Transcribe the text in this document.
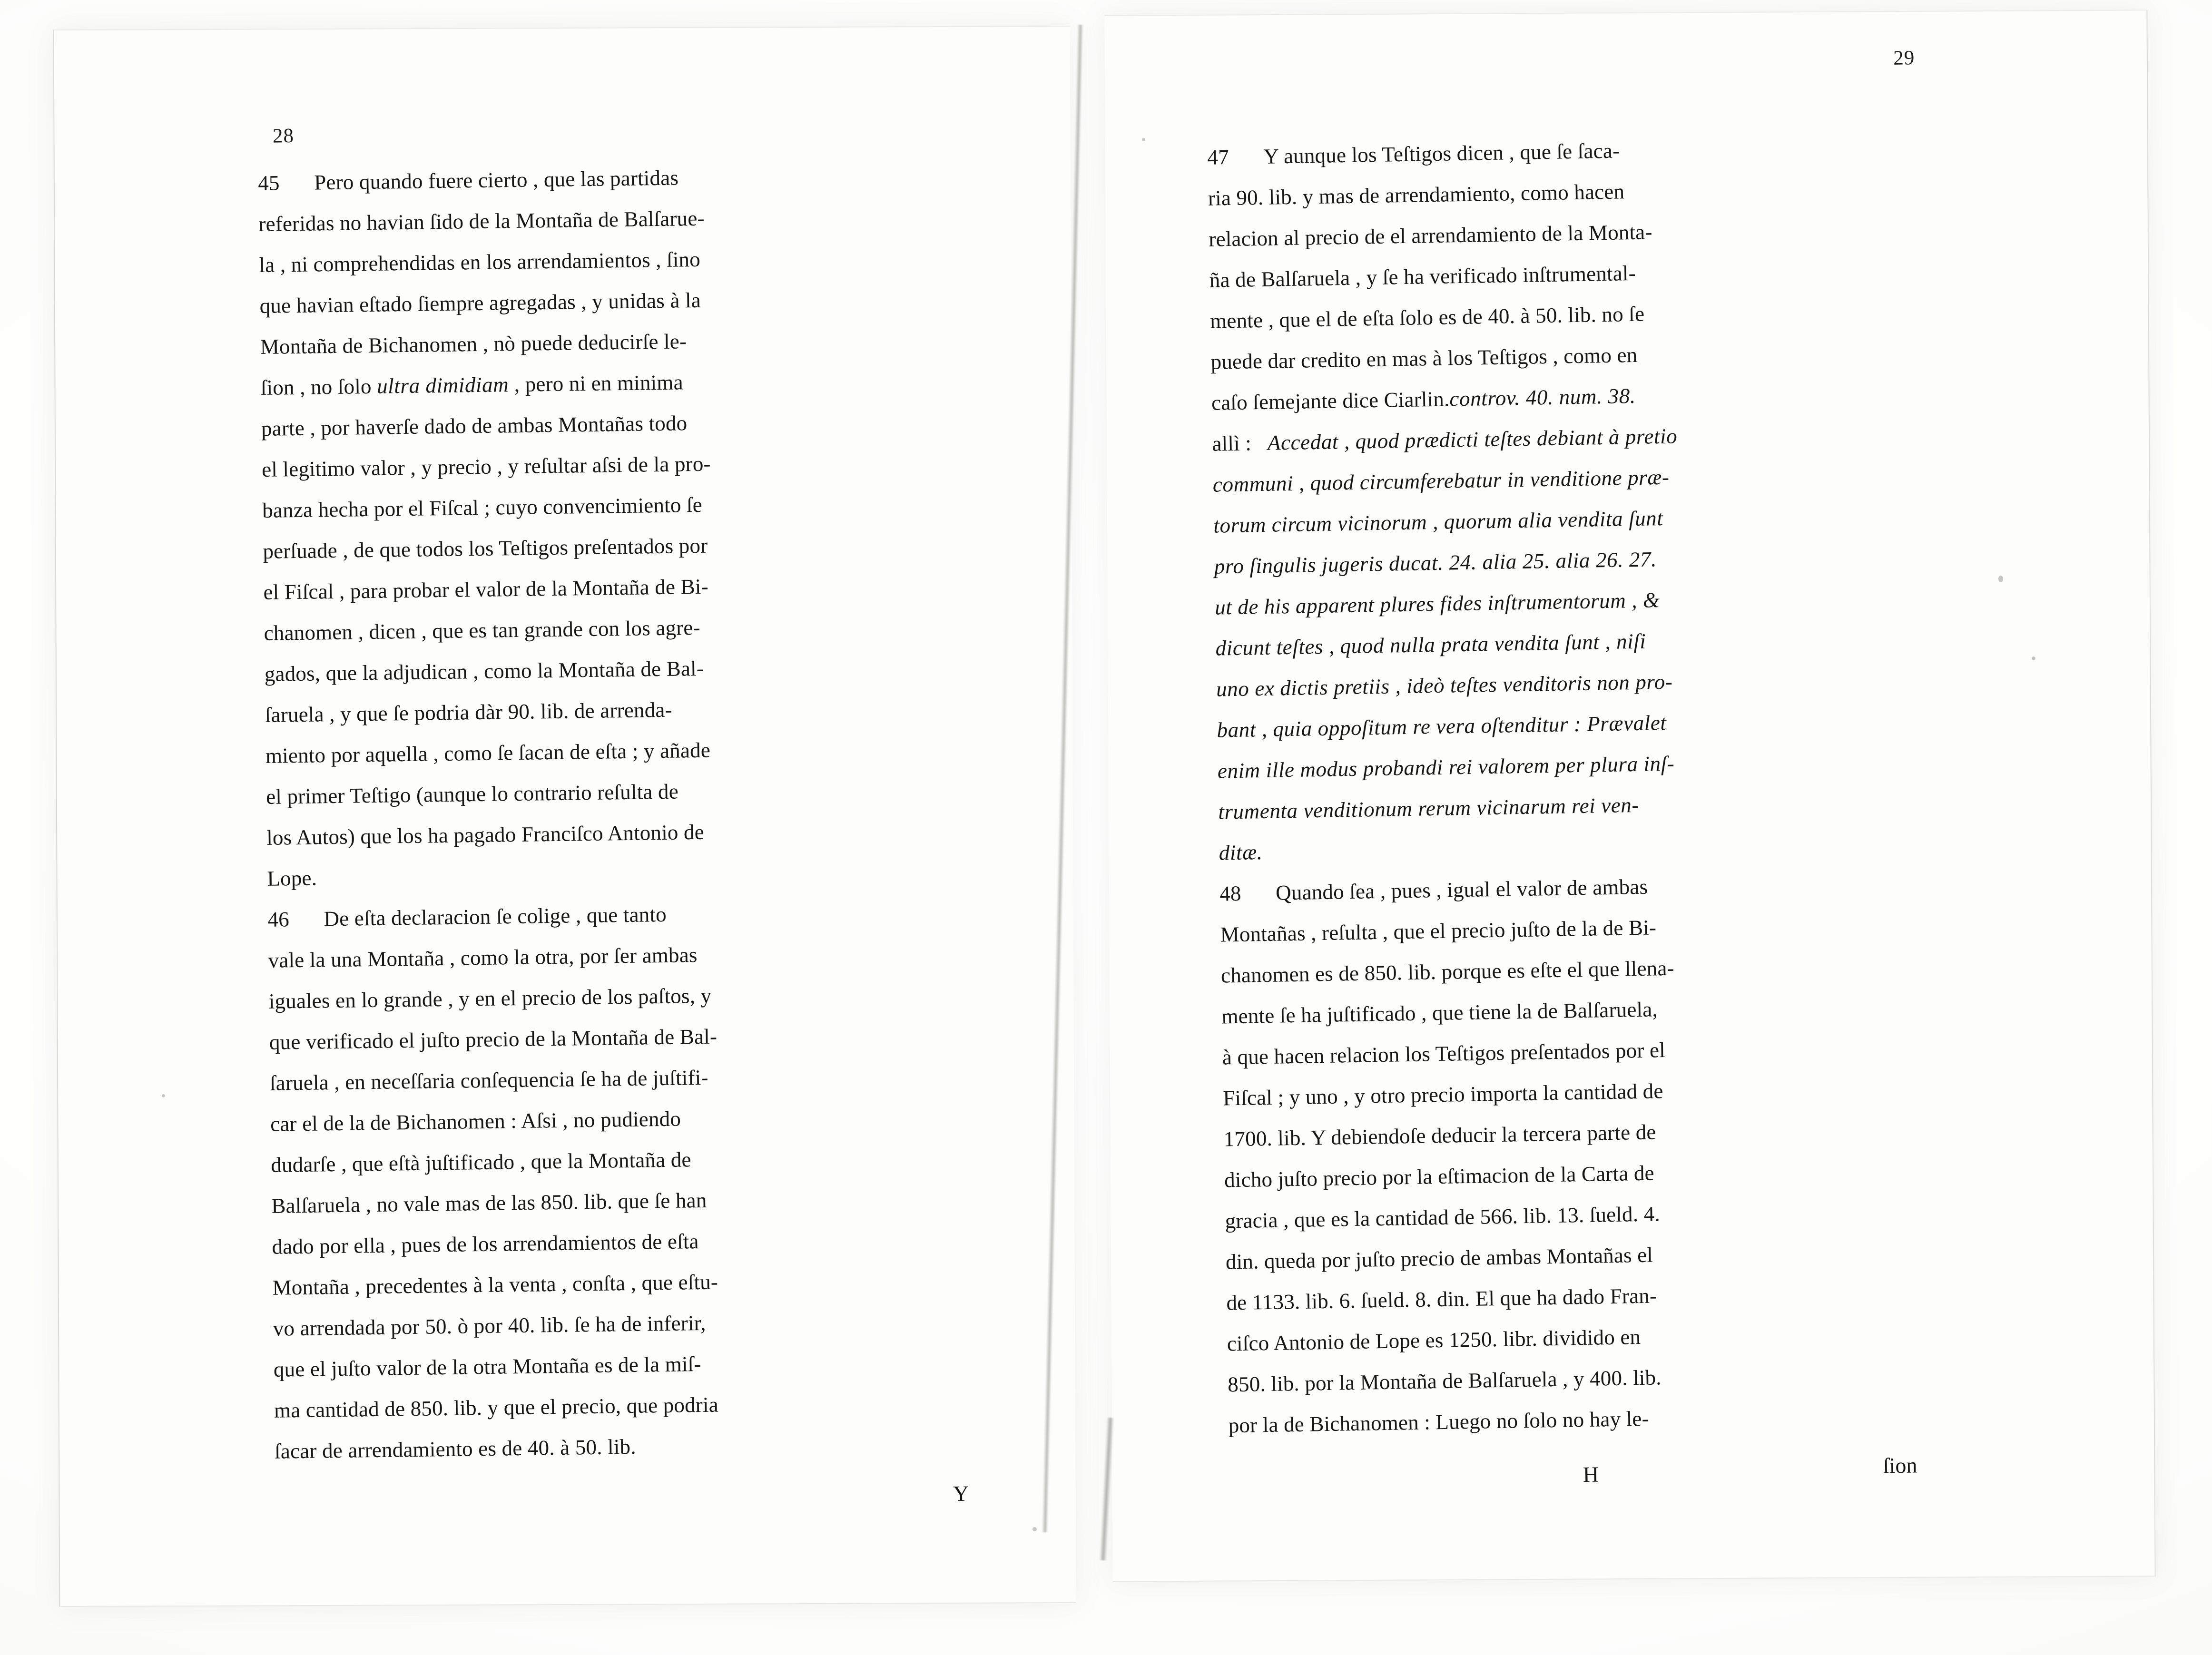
28
45 Pero quando fuere cierto , que las partidas
referidas no havian ſido de la Montaña de Balſarue-
la , ni comprehendidas en los arrendamientos , ſino
que havian eſtado ſiempre agregadas , y unidas à la
Montaña de Bichanomen , nò puede deducirſe le-
ſion , no ſolo ultra dimidiam , pero ni en minima
parte , por haverſe dado de ambas Montañas todo
el legitimo valor , y precio , y reſultar aſsi de la pro-
banza hecha por el Fiſcal ; cuyo convencimiento ſe
perſuade , de que todos los Teſtigos preſentados por
el Fiſcal , para probar el valor de la Montaña de Bi-
chanomen , dicen , que es tan grande con los agre-
gados, que la adjudican , como la Montaña de Bal-
ſaruela , y que ſe podria dàr 90. lib. de arrenda-
miento por aquella , como ſe ſacan de eſta ; y añade
el primer Teſtigo (aunque lo contrario reſulta de
los Autos) que los ha pagado Franciſco Antonio de
Lope.
46 De eſta declaracion ſe colige , que tanto
vale la una Montaña , como la otra, por ſer ambas
iguales en lo grande , y en el precio de los paſtos, y
que verificado el juſto precio de la Montaña de Bal-
ſaruela , en neceſſaria conſequencia ſe ha de juſtifi-
car el de la de Bichanomen : Aſsi , no pudiendo
dudarſe , que eſtà juſtificado , que la Montaña de
Balſaruela , no vale mas de las 850. lib. que ſe han
dado por ella , pues de los arrendamientos de eſta
Montaña , precedentes à la venta , conſta , que eſtu-
vo arrendada por 50. ò por 40. lib. ſe ha de inferir,
que el juſto valor de la otra Montaña es de la miſ-
ma cantidad de 850. lib. y que el precio, que podria
ſacar de arrendamiento es de 40. à 50. lib.
Y
29
47 Y aunque los Teſtigos dicen , que ſe ſaca-
ria 90. lib. y mas de arrendamiento, como hacen
relacion al precio de el arrendamiento de la Monta-
ña de Balſaruela , y ſe ha verificado inſtrumental-
mente , que el de eſta ſolo es de 40. à 50. lib. no ſe
puede dar credito en mas à los Teſtigos , como en
caſo ſemejante dice Ciarlin.controv. 40. num. 38.
allì : Accedat , quod prædicti teſtes debiant à pretio
communi , quod circumferebatur in venditione præ-
torum circum vicinorum , quorum alia vendita ſunt
pro ſingulis jugeris ducat. 24. alia 25. alia 26. 27.
ut de his apparent plures fides inſtrumentorum , &
dicunt teſtes , quod nulla prata vendita ſunt , niſi
uno ex dictis pretiis , ideò teſtes venditoris non pro-
bant , quia oppoſitum re vera oſtenditur : Prævalet
enim ille modus probandi rei valorem per plura inſ-
trumenta venditionum rerum vicinarum rei ven-
ditæ.
48 Quando ſea , pues , igual el valor de ambas
Montañas , reſulta , que el precio juſto de la de Bi-
chanomen es de 850. lib. porque es eſte el que llena-
mente ſe ha juſtificado , que tiene la de Balſaruela,
à que hacen relacion los Teſtigos preſentados por el
Fiſcal ; y uno , y otro precio importa la cantidad de
1700. lib. Y debiendoſe deducir la tercera parte de
dicho juſto precio por la eſtimacion de la Carta de
gracia , que es la cantidad de 566. lib. 13. ſueld. 4.
din. queda por juſto precio de ambas Montañas el
de 1133. lib. 6. ſueld. 8. din. El que ha dado Fran-
ciſco Antonio de Lope es 1250. libr. dividido en
850. lib. por la Montaña de Balſaruela , y 400. lib.
por la de Bichanomen : Luego no ſolo no hay le-
H	ſion
